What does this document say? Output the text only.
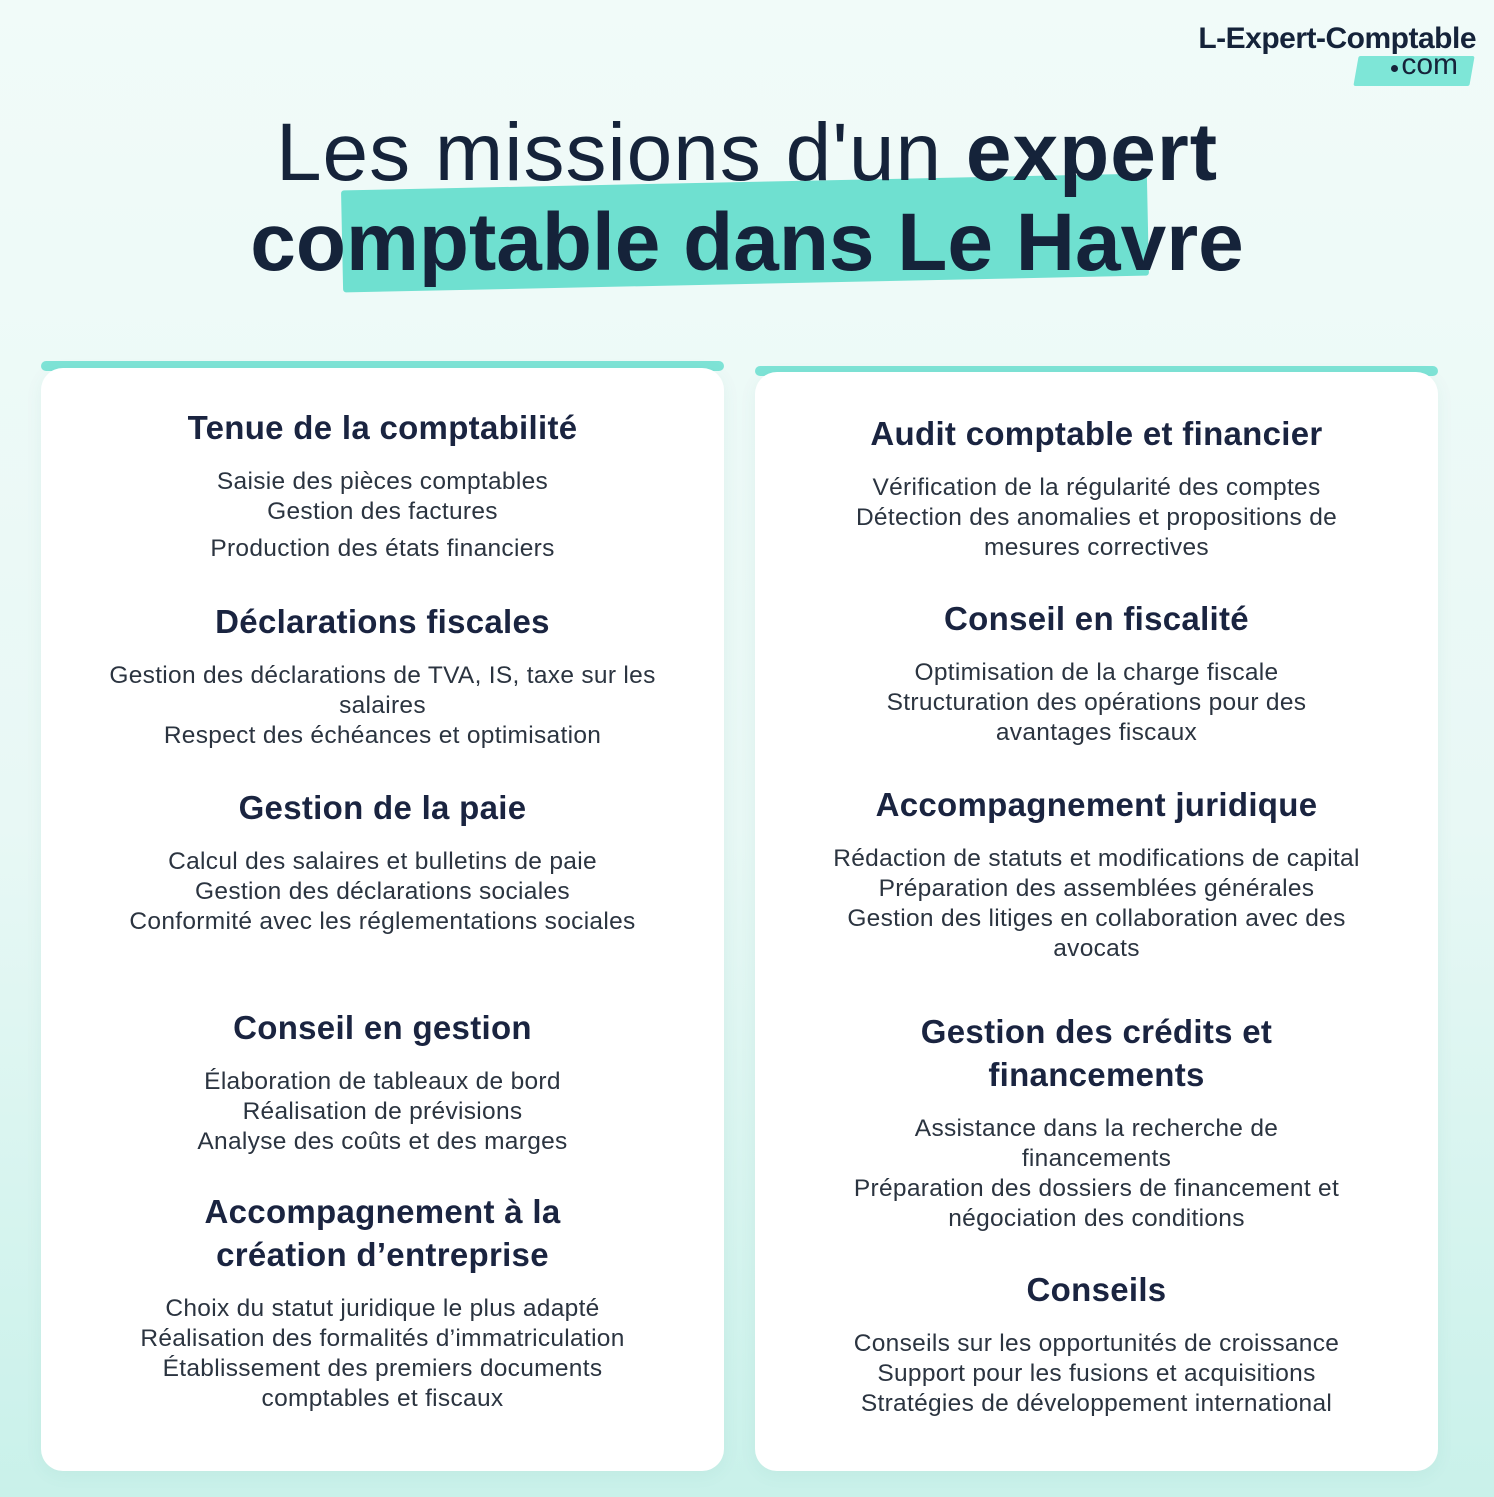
L-Expert-Comptable
com
Les missions d'un expert
comptable dans Le Havre
Tenue de la comptabilité
Saisie des pièces comptables
Gestion des factures
Production des états financiers
Déclarations fiscales
Gestion des déclarations de TVA, IS, taxe sur les salaires
Respect des échéances et optimisation
Gestion de la paie
Calcul des salaires et bulletins de paie
Gestion des déclarations sociales
Conformité avec les réglementations sociales
Conseil en gestion
Élaboration de tableaux de bord
Réalisation de prévisions
Analyse des coûts et des marges
Accompagnement à la création d’entreprise
Choix du statut juridique le plus adapté
Réalisation des formalités d’immatriculation
Établissement des premiers documents comptables et fiscaux
Audit comptable et financier
Vérification de la régularité des comptes
Détection des anomalies et propositions de mesures correctives
Conseil en fiscalité
Optimisation de la charge fiscale
Structuration des opérations pour des avantages fiscaux
Accompagnement juridique
Rédaction de statuts et modifications de capital
Préparation des assemblées générales
Gestion des litiges en collaboration avec des avocats
Gestion des crédits et financements
Assistance dans la recherche de financements
Préparation des dossiers de financement et négociation des conditions
Conseils
Conseils sur les opportunités de croissance
Support pour les fusions et acquisitions
Stratégies de développement international
